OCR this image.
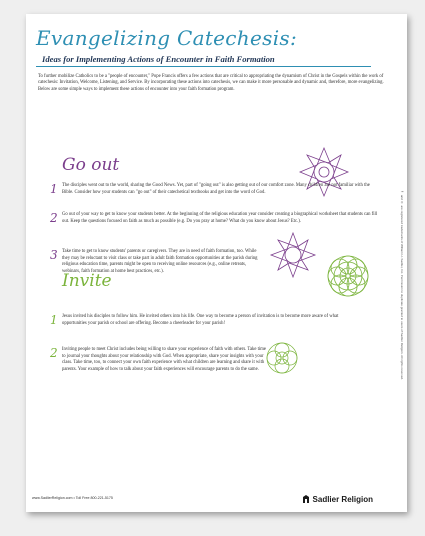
Evangelizing Catechesis:
Ideas for Implementing Actions of Encounter in Faith Formation
To further mobilize Catholics to be a "people of encounter," Pope Francis offers a few actions that are critical to appropriating the dynamism of Christ in the Gospels within the work of catechesis: Invitation, Welcome, Listening, and Service. By incorporating these actions into catechesis, we can make it more personable and dynamic and, therefore, more evangelizing. Below are some simple ways to implement these actions of encounter into your faith formation program.
Go out
1 The disciples went out to the world, sharing the Good News. Yet, part of "going out" is also getting out of our comfort zone. Many children are not familiar with the Bible. Consider how your students can "go out" of their catechetical textbooks and get into the word of God.
2 Go out of your way to get to know your students better. At the beginning of the religious education year consider creating a biographical worksheet that students can fill out. Keep the questions focused on faith as much as possible (e.g. Do you pray at home? What do you know about Jesus? Etc.).
3 Take time to get to know students' parents or caregivers. They are in need of faith formation, too. While they may be reluctant to visit class or take part in adult faith formation opportunities at the parish during religious education time, parents might be open to receiving online resources (e.g., online retreats, webinars, faith formation at home best practices, etc.).
Invite
1 Jesus invited his disciples to follow him. He invited others into his life. One way to become a person of invitation is to become more aware of what opportunities your parish or school are offering. Become a cheerleader for your parish!
2 Inviting people to meet Christ includes being willing to share your experience of faith with others. Take time to journal your thoughts about your relationship with God. When appropriate, share your insights with your class. Take time, too, to connect your own faith experience with what children are learning and share it with parents. Your example of how to talk about your faith experiences will encourage parents to do the same.	™ and ® are registered trademarks of William H. Sadlier, Inc. Permission to duplicate granted to users of Sadlier Religion. All rights reserved.
www.SadlierReligion.com • Toll Free 800-221-5175	Sadlier Religion
